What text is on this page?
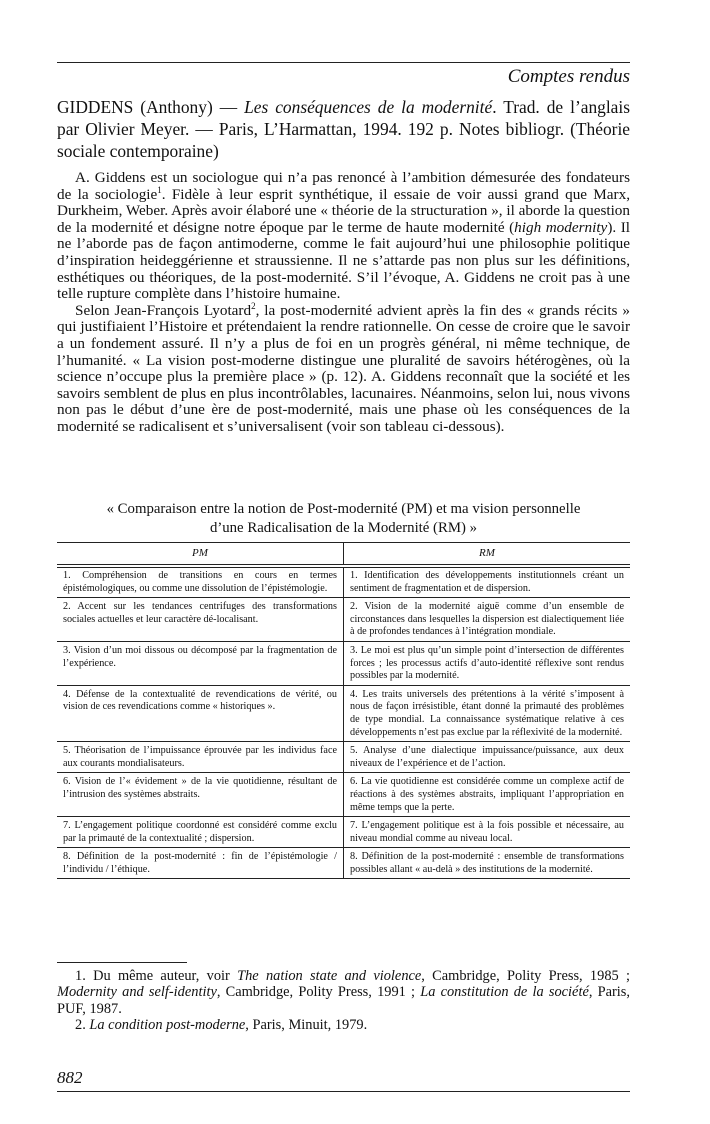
Comptes rendus
GIDDENS (Anthony) — Les conséquences de la modernité. Trad. de l’anglais par Olivier Meyer. — Paris, L’Harmattan, 1994. 192 p. Notes bibliogr. (Théorie sociale contemporaine)

A. Giddens est un sociologue qui n’a pas renoncé à l’ambition démesurée des fondateurs de la sociologie$^1$. Fidèle à leur esprit synthétique, il essaie de voir aussi grand que Marx, Durkheim, Weber. Après avoir élaboré une « théorie de la structuration », il aborde la question de la modernité et désigne notre époque par le terme de haute modernité (high modernity). Il ne l’aborde pas de façon antimoderne, comme le fait aujourd’hui une philosophie politique d’inspiration heideggérienne et straussienne. Il ne s’attarde pas non plus sur les définitions, esthétiques ou théoriques, de la post-modernité. S’il l’évoque, A. Giddens ne croit pas à une telle rupture complète dans l’histoire humaine.

Selon Jean-François Lyotard$^2$, la post-modernité advient après la fin des « grands récits » qui justifiaient l’Histoire et prétendaient la rendre rationnelle. On cesse de croire que le savoir a un fondement assuré. Il n’y a plus de foi en un progrès général, ni même technique, de l’humanité. « La vision post-moderne distingue une pluralité de savoirs hétérogènes, où la science n’occupe plus la première place » (p. 12). A. Giddens reconnaît que la société et les savoirs semblent de plus en plus incontrôlables, lacunaires. Néanmoins, selon lui, nous vivons non pas le début d’une ère de post-modernité, mais une phase où les conséquences de la modernité se radicalisent et s’universalisent (voir son tableau ci-dessous).

« Comparaison entre la notion de Post-modernité (PM) et ma vision personnelle
d’une Radicalisation de la Modernité (RM) »
PM	RM
1. Compréhension de transitions en cours en termes épistémologiques, ou comme une dissolution de l’épistémologie.	1. Identification des développements institutionnels créant un sentiment de fragmentation et de dispersion.
2. Accent sur les tendances centrifuges des transformations sociales actuelles et leur caractère dé-localisant.	2. Vision de la modernité aiguë comme d’un ensemble de circonstances dans lesquelles la dispersion est dialectiquement liée à de profondes tendances à l’intégration mondiale.
3. Vision d’un moi dissous ou décomposé par la fragmentation de l’expérience.	3. Le moi est plus qu’un simple point d’intersection de différentes forces ; les processus actifs d’auto-identité réflexive sont rendus possibles par la modernité.
4. Défense de la contextualité de revendications de vérité, ou vision de ces revendications comme « historiques ».	4. Les traits universels des prétentions à la vérité s’imposent à nous de façon irrésistible, étant donné la primauté des problèmes de type mondial. La connaissance systématique relative à ces développements n’est pas exclue par la réflexivité de la modernité.
5. Théorisation de l’impuissance éprouvée par les individus face aux courants mondialisateurs.	5. Analyse d’une dialectique impuissance/puissance, aux deux niveaux de l’expérience et de l’action.
6. Vision de l’« évidement » de la vie quotidienne, résultant de l’intrusion des systèmes abstraits.	6. La vie quotidienne est considérée comme un complexe actif de réactions à des systèmes abstraits, impliquant l’appropriation en même temps que la perte.
7. L’engagement politique coordonné est considéré comme exclu par la primauté de la contextualité ; dispersion.	7. L’engagement politique est à la fois possible et nécessaire, au niveau mondial comme au niveau local.
8. Définition de la post-modernité : fin de l’épistémologie / l’individu / l’éthique.	8. Définition de la post-modernité : ensemble de transformations possibles allant « au-delà » des institutions de la modernité.

1. Du même auteur, voir The nation state and violence, Cambridge, Polity Press, 1985 ; Modernity and self-identity, Cambridge, Polity Press, 1991 ; La constitution de la société, Paris, PUF, 1987.

2. La condition post-moderne, Paris, Minuit, 1979.

882
